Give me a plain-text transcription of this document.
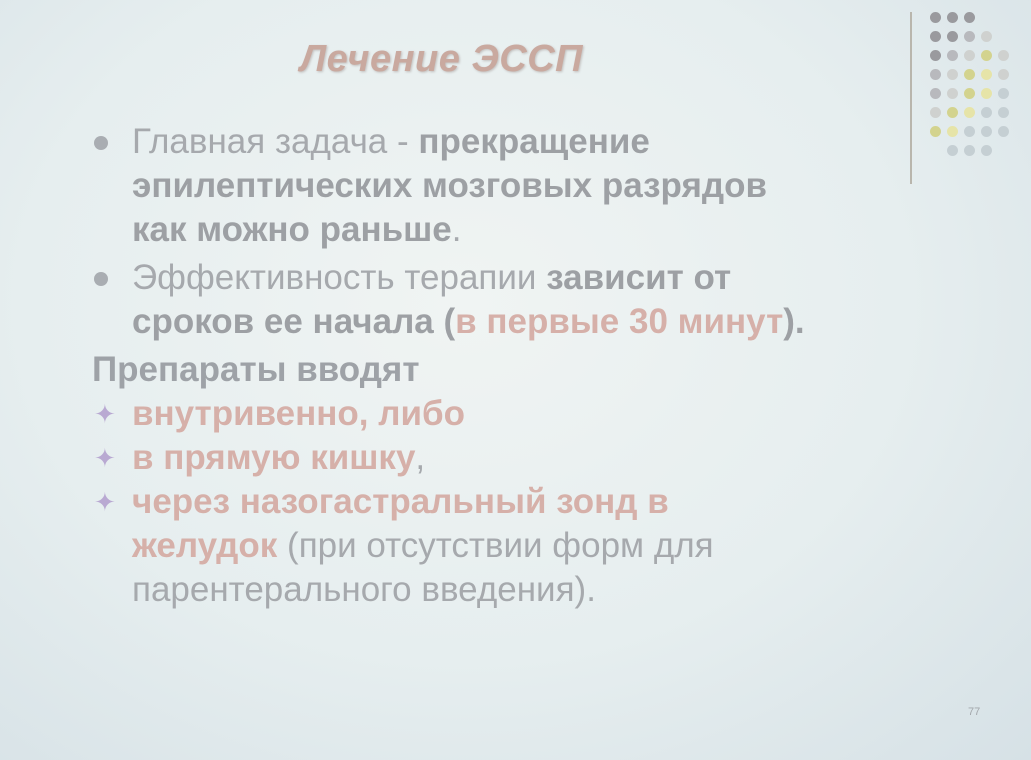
Лечение ЭССП
Главная задача - прекращение
эпилептических мозговых разрядов
как можно раньше.
Эффективность терапии зависит от
сроков ее начала (в первые 30 минут).
Препараты вводят
✦ внутривенно, либо
✦ в прямую кишку,
✦ через назогастральный зонд в
желудок (при отсутствии форм для
парентерального введения).
77
